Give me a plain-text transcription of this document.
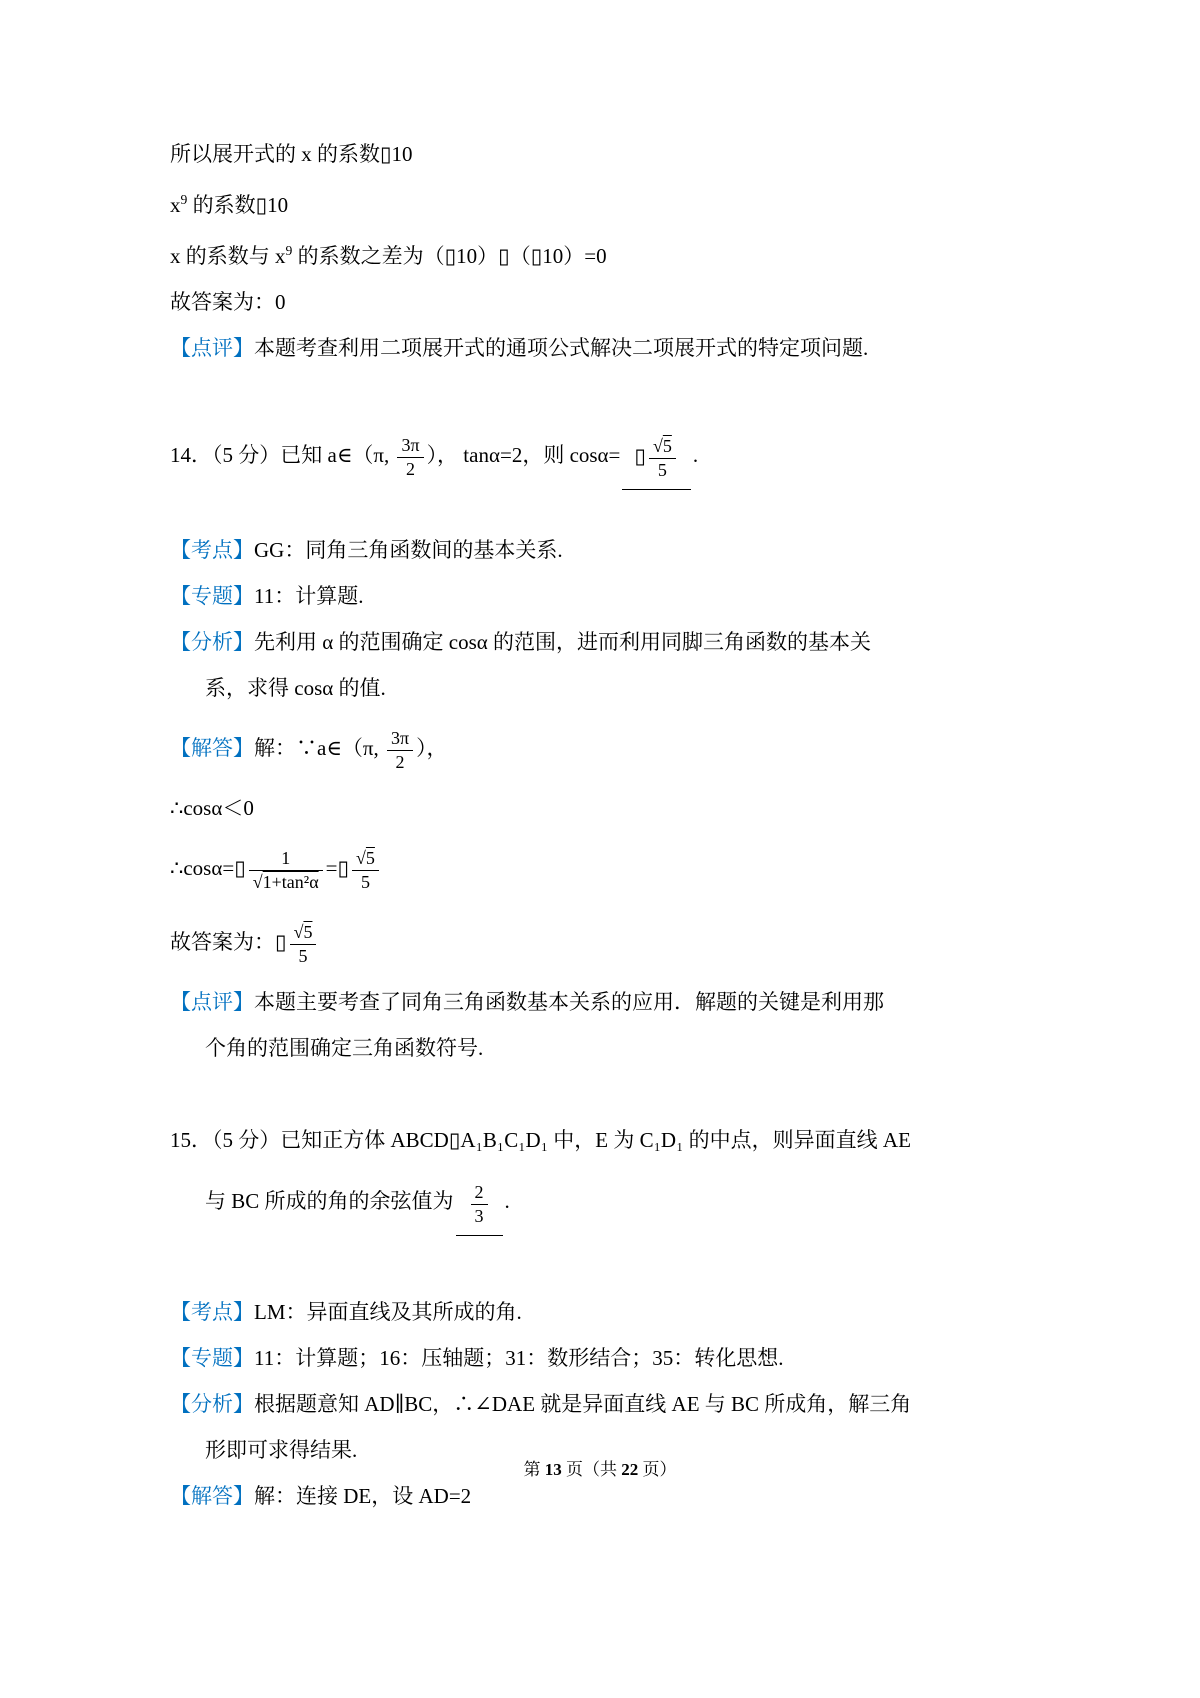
所以展开式的 x 的系数▯10
$x^9$ 的系数▯10
x 的系数与 $x^9$ 的系数之差为（▯10）▯（▯10）=0
故答案为：0
【点评】本题考查利用二项展开式的通项公式解决二项展开式的特定项问题.
14．（5 分）已知 a∈（π, $\frac{3\pi}{2}$ ）， tanα=2，则 cosα= ▯ $\frac{√5}{5}$ .
【考点】GG：同角三角函数间的基本关系.
【专题】11：计算题.
【分析】先利用 α 的范围确定 cosα 的范围，进而利用同脚三角函数的基本关
系，求得 cosα 的值.
【解答】解：∵a∈（π, $\frac{3\pi}{2}$ ），
∴cosα＜0
∴cosα=▯ $\frac{1}{\text{√1+tan²α}}$ =▯ $\frac{√5}{5}$
故答案为：▯ $\frac{√5}{5}$
【点评】本题主要考查了同角三角函数基本关系的应用．解题的关键是利用那
个角的范围确定三角函数符号.
15．（5 分）已知正方体 ABCD▯A₁B₁C₁D₁ 中，E 为 C₁D₁ 的中点，则异面直线 AE
与 BC 所成的角的余弦值为 $\frac{2}{3}$ .
【考点】LM：异面直线及其所成的角.
【专题】11：计算题；16：压轴题；31：数形结合；35：转化思想.
【分析】根据题意知 AD∥BC，∴∠DAE 就是异面直线 AE 与 BC 所成角，解三角
形即可求得结果.
【解答】解：连接 DE，设 AD=2
第 13 页（共 22 页）
